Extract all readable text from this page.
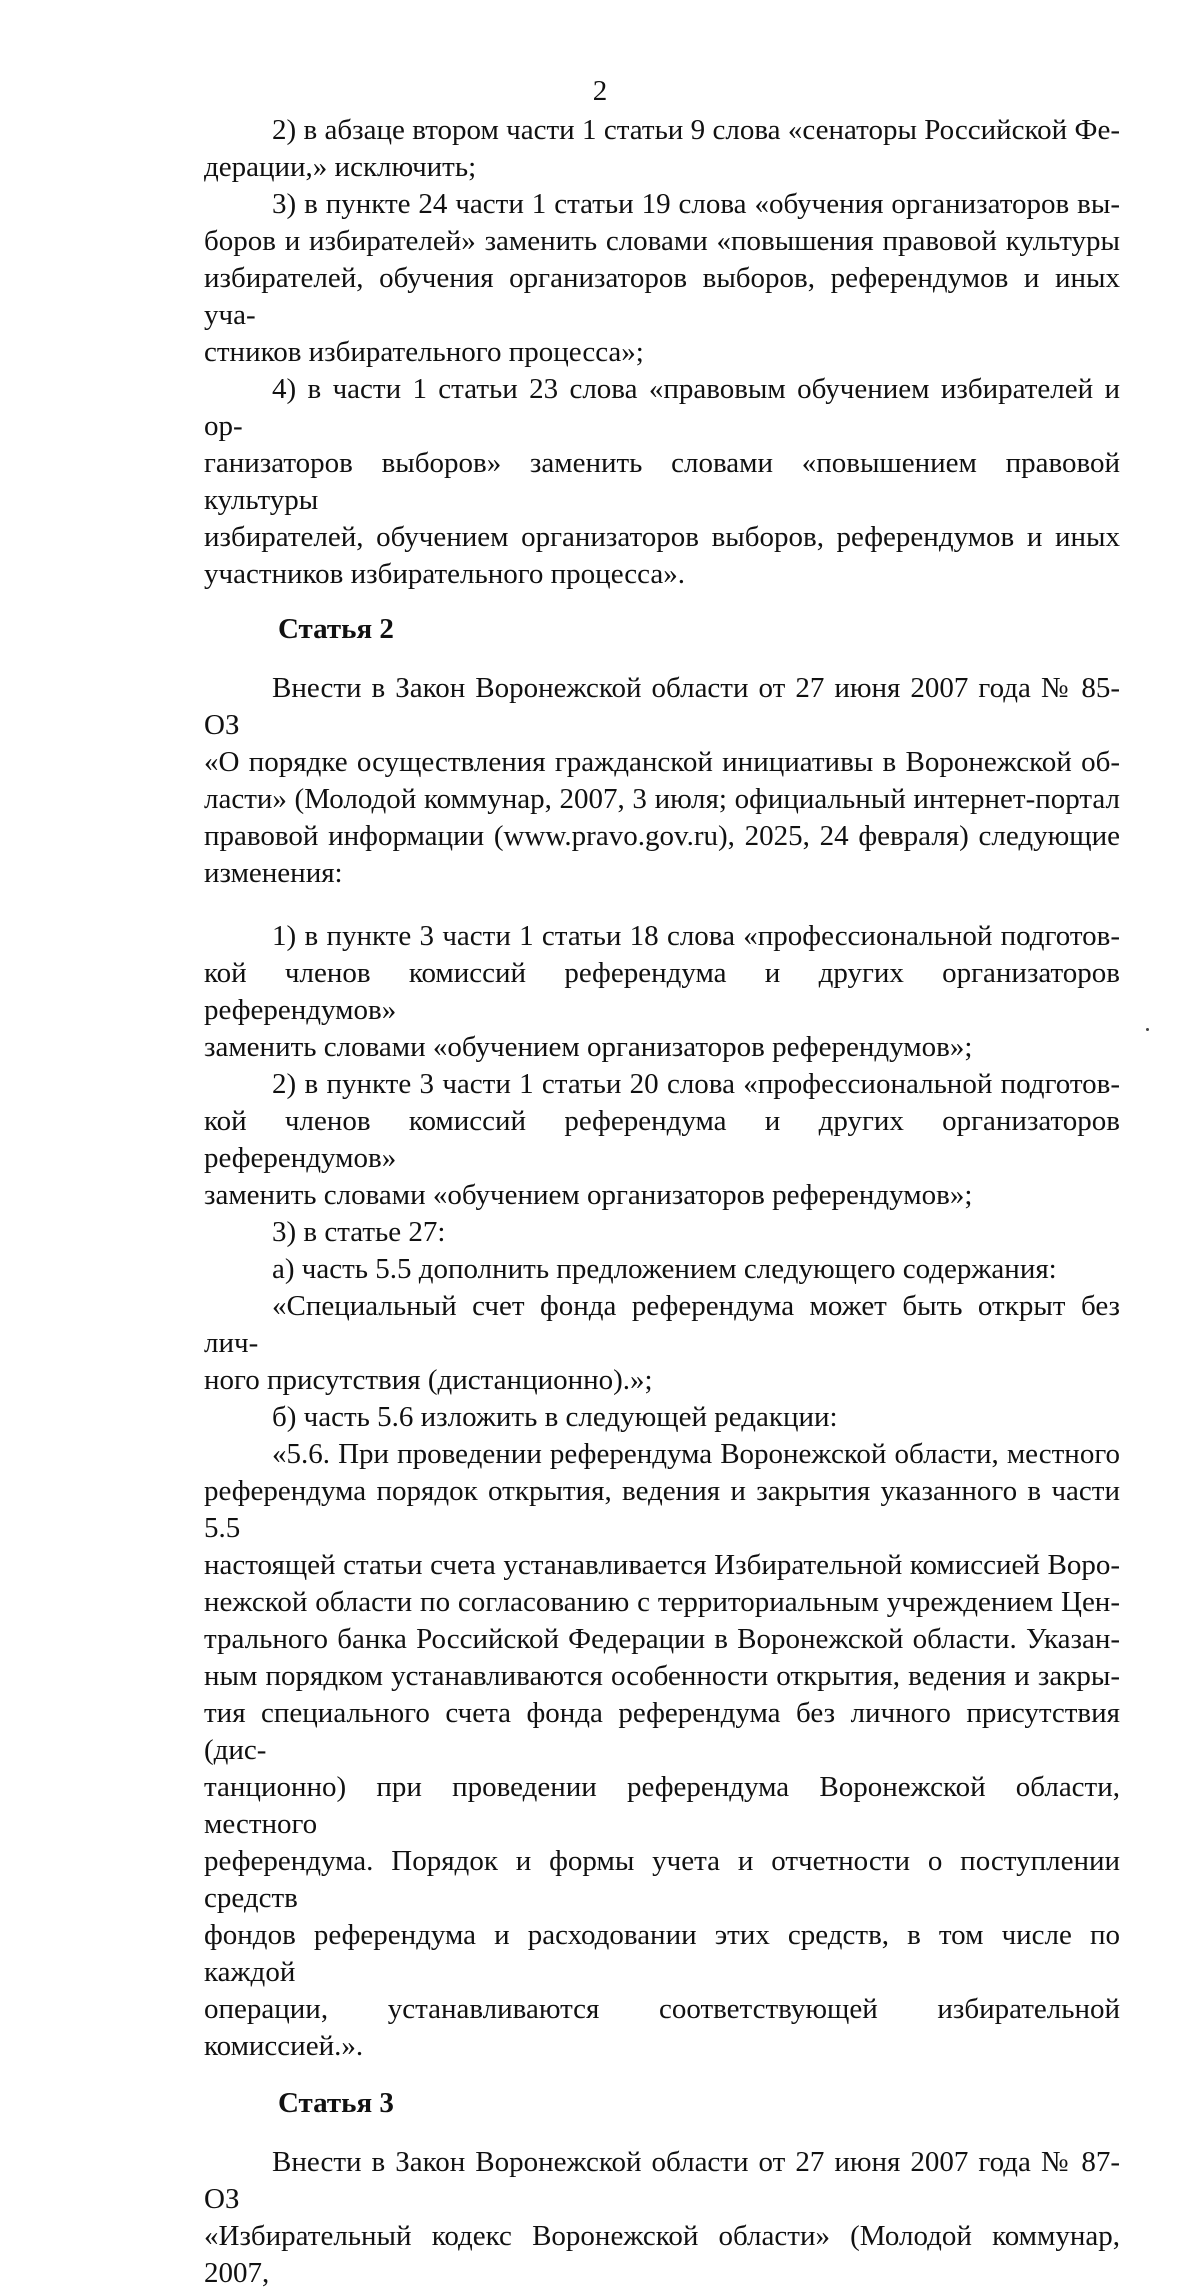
2
2) в абзаце втором части 1 статьи 9 слова «сенаторы Российской Фе-
дерации,» исключить;
3) в пункте 24 части 1 статьи 19 слова «обучения организаторов вы-
боров и избирателей» заменить словами «повышения правовой культуры
избирателей, обучения организаторов выборов, референдумов и иных уча-
стников избирательного процесса»;
4) в части 1 статьи 23 слова «правовым обучением избирателей и ор-
ганизаторов выборов» заменить словами «повышением правовой культуры
избирателей, обучением организаторов выборов, референдумов и иных
участников избирательного процесса».
Статья 2
Внести в Закон Воронежской области от 27 июня 2007 года № 85-ОЗ
«О порядке осуществления гражданской инициативы в Воронежской об-
ласти» (Молодой коммунар, 2007, 3 июля; официальный интернет-портал
правовой информации (www.pravo.gov.ru), 2025, 24 февраля) следующие
изменения:
1) в пункте 3 части 1 статьи 18 слова «профессиональной подготов-
кой членов комиссий референдума и других организаторов референдумов»
заменить словами «обучением организаторов референдумов»;
2) в пункте 3 части 1 статьи 20 слова «профессиональной подготов-
кой членов комиссий референдума и других организаторов референдумов»
заменить словами «обучением организаторов референдумов»;
3) в статье 27:
а) часть 5.5 дополнить предложением следующего содержания:
«Специальный счет фонда референдума может быть открыт без лич-
ного присутствия (дистанционно).»;
б) часть 5.6 изложить в следующей редакции:
«5.6. При проведении референдума Воронежской области, местного
референдума порядок открытия, ведения и закрытия указанного в части 5.5
настоящей статьи счета устанавливается Избирательной комиссией Воро-
нежской области по согласованию с территориальным учреждением Цен-
трального банка Российской Федерации в Воронежской области. Указан-
ным порядком устанавливаются особенности открытия, ведения и закры-
тия специального счета фонда референдума без личного присутствия (дис-
танционно) при проведении референдума Воронежской области, местного
референдума. Порядок и формы учета и отчетности о поступлении средств
фондов референдума и расходовании этих средств, в том числе по каждой
операции, устанавливаются соответствующей избирательной комиссией.».
Статья 3
Внести в Закон Воронежской области от 27 июня 2007 года № 87-ОЗ
«Избирательный кодекс Воронежской области» (Молодой коммунар, 2007,
